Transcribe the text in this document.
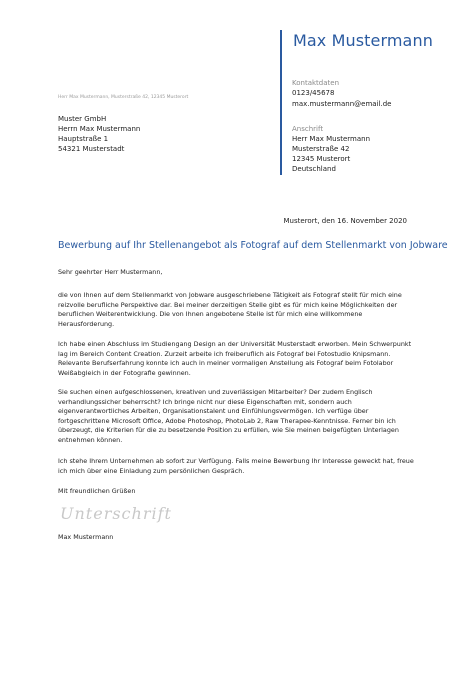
Max Mustermann
Kontaktdaten
0123/45678
max.mustermann@email.de
Anschrift
Herr Max Mustermann
Musterstraße 42
12345 Musterort
Deutschland
Herr Max Mustermann, Musterstraße 42, 12345 Musterort
Muster GmbH
Herrn Max Mustermann
Hauptstraße 1
54321 Musterstadt
Musterort, den 16. November 2020
Bewerbung auf Ihr Stellenangebot als Fotograf auf dem Stellenmarkt von Jobware

Sehr geehrter Herr Mustermann,

die von Ihnen auf dem Stellenmarkt von Jobware ausgeschriebene Tätigkeit als Fotograf stellt für mich eine reizvolle berufliche Perspektive dar. Bei meiner derzeitigen Stelle gibt es für mich keine Möglichkeiten der beruflichen Weiterentwicklung. Die von Ihnen angebotene Stelle ist für mich eine willkommene Herausforderung.

Ich habe einen Abschluss im Studiengang Design an der Universität Musterstadt erworben. Mein Schwerpunkt lag im Bereich Content Creation. Zurzeit arbeite ich freiberuflich als Fotograf bei Fotostudio Knipsmann. Relevante Berufserfahrung konnte ich auch in meiner vormaligen Anstellung als Fotograf beim Fotolabor Weißabgleich in der Fotografie gewinnen.

Sie suchen einen aufgeschlossenen, kreativen und zuverlässigen Mitarbeiter? Der zudem Englisch verhandlungssicher beherrscht? Ich bringe nicht nur diese Eigenschaften mit, sondern auch eigenverantwortliches Arbeiten, Organisationstalent und Einfühlungsvermögen. Ich verfüge über fortgeschrittene Microsoft Office, Adobe Photoshop, PhotoLab 2, Raw Therapee-Kenntnisse. Ferner bin ich überzeugt, die Kriterien für die zu besetzende Position zu erfüllen, wie Sie meinen beigefügten Unterlagen entnehmen können.

Ich stehe Ihrem Unternehmen ab sofort zur Verfügung. Falls meine Bewerbung Ihr Interesse geweckt hat, freue ich mich über eine Einladung zum persönlichen Gespräch.

Mit freundlichen Grüßen

Unterschrift
Max Mustermann
